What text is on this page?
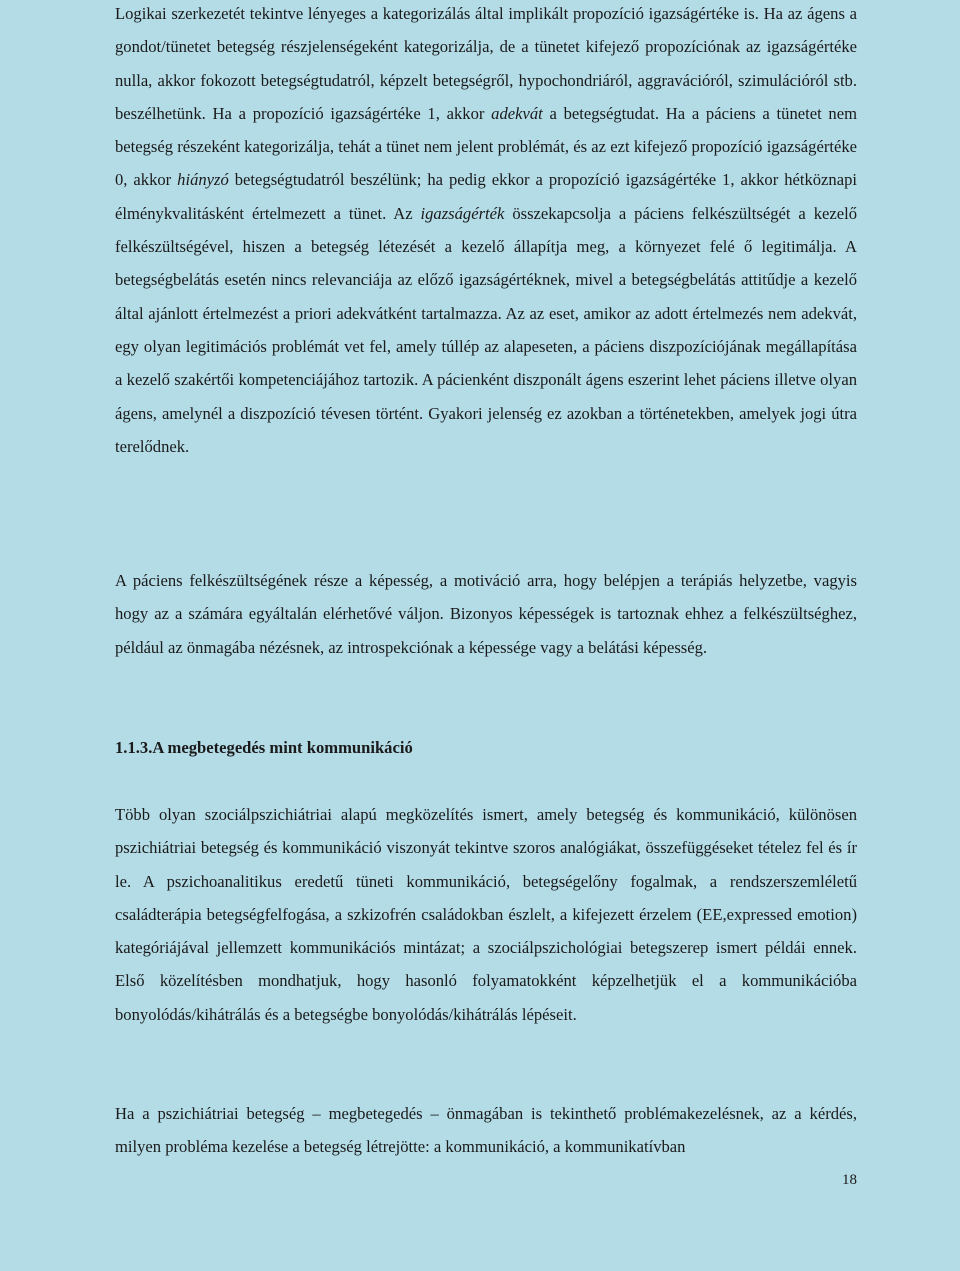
Logikai szerkezetét tekintve lényeges a kategorizálás által implikált propozíció igazságértéke is. Ha az ágens a gondot/tünetet betegség részjelenségeként kategorizálja, de a tünetet kifejező propozíciónak az igazságértéke nulla, akkor fokozott betegségtudatról, képzelt betegségről, hypochondriáról, aggravációról, szimulációról stb. beszélhetünk. Ha a propozíció igazságértéke 1, akkor adekvát a betegségtudat. Ha a páciens a tünetet nem betegség részeként kategorizálja, tehát a tünet nem jelent problémát, és az ezt kifejező propozíció igazságértéke 0, akkor hiányzó betegségtudatról beszélünk; ha pedig ekkor a propozíció igazságértéke 1, akkor hétköznapi élménykvalitásként értelmezett a tünet. Az igazságérték összekapcsolja a páciens felkészültségét a kezelő felkészültségével, hiszen a betegség létezését a kezelő állapítja meg, a környezet felé ő legitimálja. A betegségbelátás esetén nincs relevanciája az előző igazságértéknek, mivel a betegségbelátás attitűdje a kezelő által ajánlott értelmezést a priori adekvátként tartalmazza. Az az eset, amikor az adott értelmezés nem adekvát, egy olyan legitimációs problémát vet fel, amely túllép az alapeseten, a páciens diszpozíciójának megállapítása a kezelő szakértői kompetenciájához tartozik. A pácienként diszponált ágens eszerint lehet páciens illetve olyan ágens, amelynél a diszpozíció tévesen történt. Gyakori jelenség ez azokban a történetekben, amelyek jogi útra terelődnek.

A páciens felkészültségének része a képesség, a motiváció arra, hogy belépjen a terápiás helyzetbe, vagyis hogy az a számára egyáltalán elérhetővé váljon. Bizonyos képességek is tartoznak ehhez a felkészültséghez, például az önmagába nézésnek, az introspekciónak a képessége vagy a belátási képesség.

1.1.3.A megbetegedés mint kommunikáció

Több olyan szociálpszichiátriai alapú megközelítés ismert, amely betegség és kommunikáció, különösen pszichiátriai betegség és kommunikáció viszonyát tekintve szoros analógiákat, összefüggéseket tételez fel és ír le. A pszichoanalitikus eredetű tüneti kommunikáció, betegségelőny fogalmak, a rendszerszemléletű családterápia betegségfelfogása, a szkizofrén családokban észlelt, a kifejezett érzelem (EE,expressed emotion) kategóriájával jellemzett kommunikációs mintázat; a szociálpszichológiai betegszerep ismert példái ennek. Első közelítésben mondhatjuk, hogy hasonló folyamatokként képzelhetjük el a kommunikációba bonyolódás/kihátrálás és a betegségbe bonyolódás/kihátrálás lépéseit.

Ha a pszichiátriai betegség – megbetegedés – önmagában is tekinthető problémakezelésnek, az a kérdés, milyen probléma kezelése a betegség létrejötte: a kommunikáció, a kommunikatívban

18
